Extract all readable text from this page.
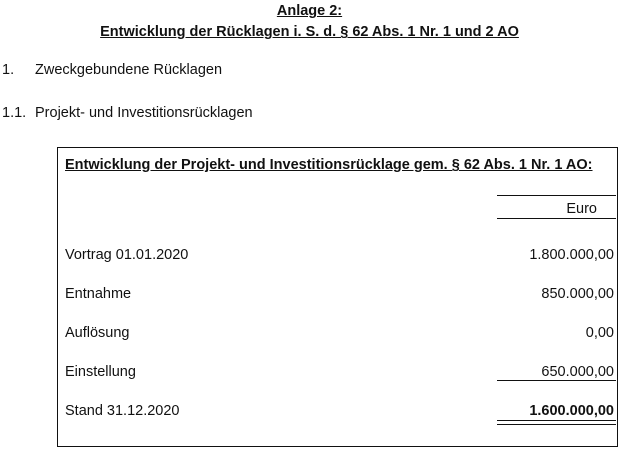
Anlage 2:
Entwicklung der Rücklagen i. S. d. § 62 Abs. 1 Nr. 1 und 2 AO
1. Zweckgebundene Rücklagen
1.1. Projekt- und Investitionsrücklagen
Entwicklung der Projekt- und Investitionsrücklage gem. § 62 Abs. 1 Nr. 1 AO:
Euro
Vortrag 01.01.2020	1.800.000,00
Entnahme	850.000,00
Auflösung	0,00
Einstellung	650.000,00
Stand 31.12.2020	1.600.000,00
